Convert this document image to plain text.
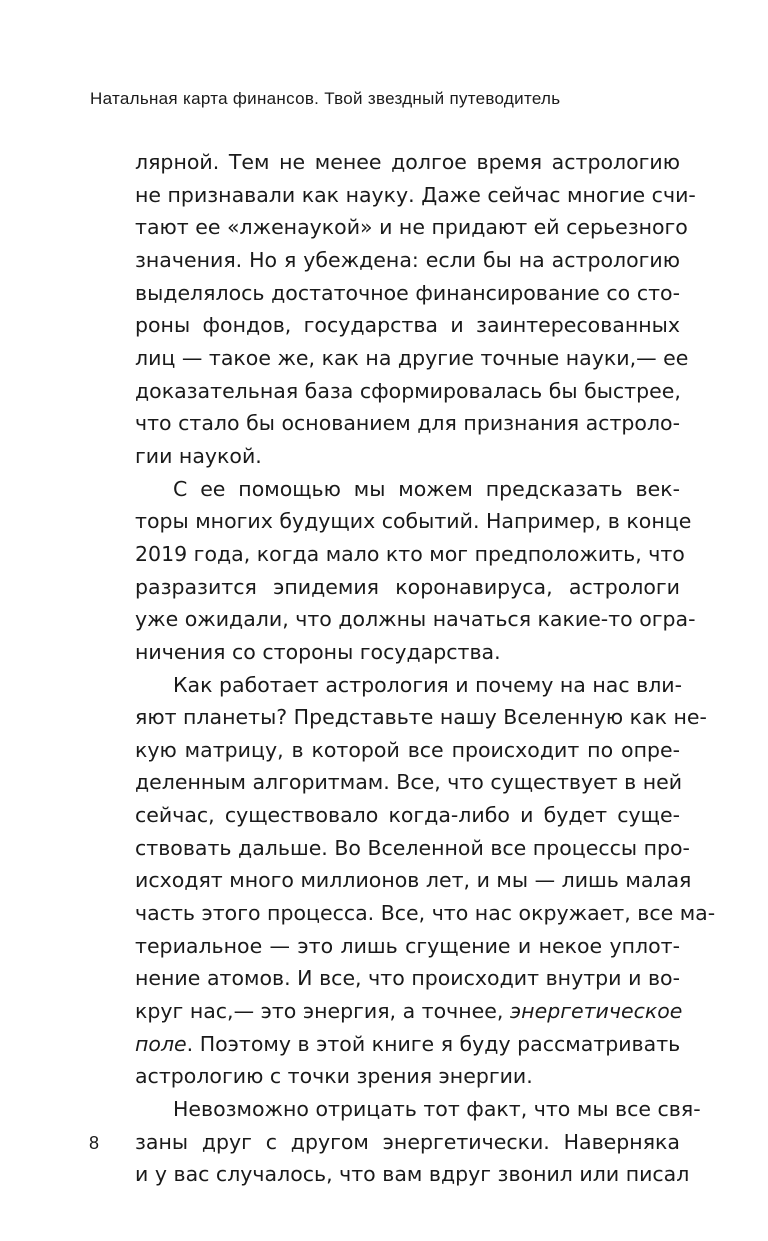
Натальная карта финансов. Твой звездный путеводитель
лярной. Тем не менее долгое время астрологию
не признавали как науку. Даже сейчас многие счи-
тают ее «лженаукой» и не придают ей серьезного
значения. Но я убеждена: если бы на астрологию
выделялось достаточное финансирование со сто-
роны фондов, государства и заинтересованных
лиц — такое же, как на другие точные науки,— ее
доказательная база сформировалась бы быстрее,
что стало бы основанием для признания астроло-
гии наукой.
С ее помощью мы можем предсказать век-
торы многих будущих событий. Например, в конце
2019 года, когда мало кто мог предположить, что
разразится эпидемия коронавируса, астрологи
уже ожидали, что должны начаться какие-то огра-
ничения со стороны государства.
Как работает астрология и почему на нас вли-
яют планеты? Представьте нашу Вселенную как не-
кую матрицу, в которой все происходит по опре-
деленным алгоритмам. Все, что существует в ней
сейчас, существовало когда-либо и будет суще-
ствовать дальше. Во Вселенной все процессы про-
исходят много миллионов лет, и мы — лишь малая
часть этого процесса. Все, что нас окружает, все ма-
териальное — это лишь сгущение и некое уплот-
нение атомов. И все, что происходит внутри и во-
круг нас,— это энергия, а точнее, энергетическое
поле. Поэтому в этой книге я буду рассматривать
астрологию с точки зрения энергии.
Невозможно отрицать тот факт, что мы все свя-
заны друг с другом энергетически. Наверняка
и у вас случалось, что вам вдруг звонил или писал
8
